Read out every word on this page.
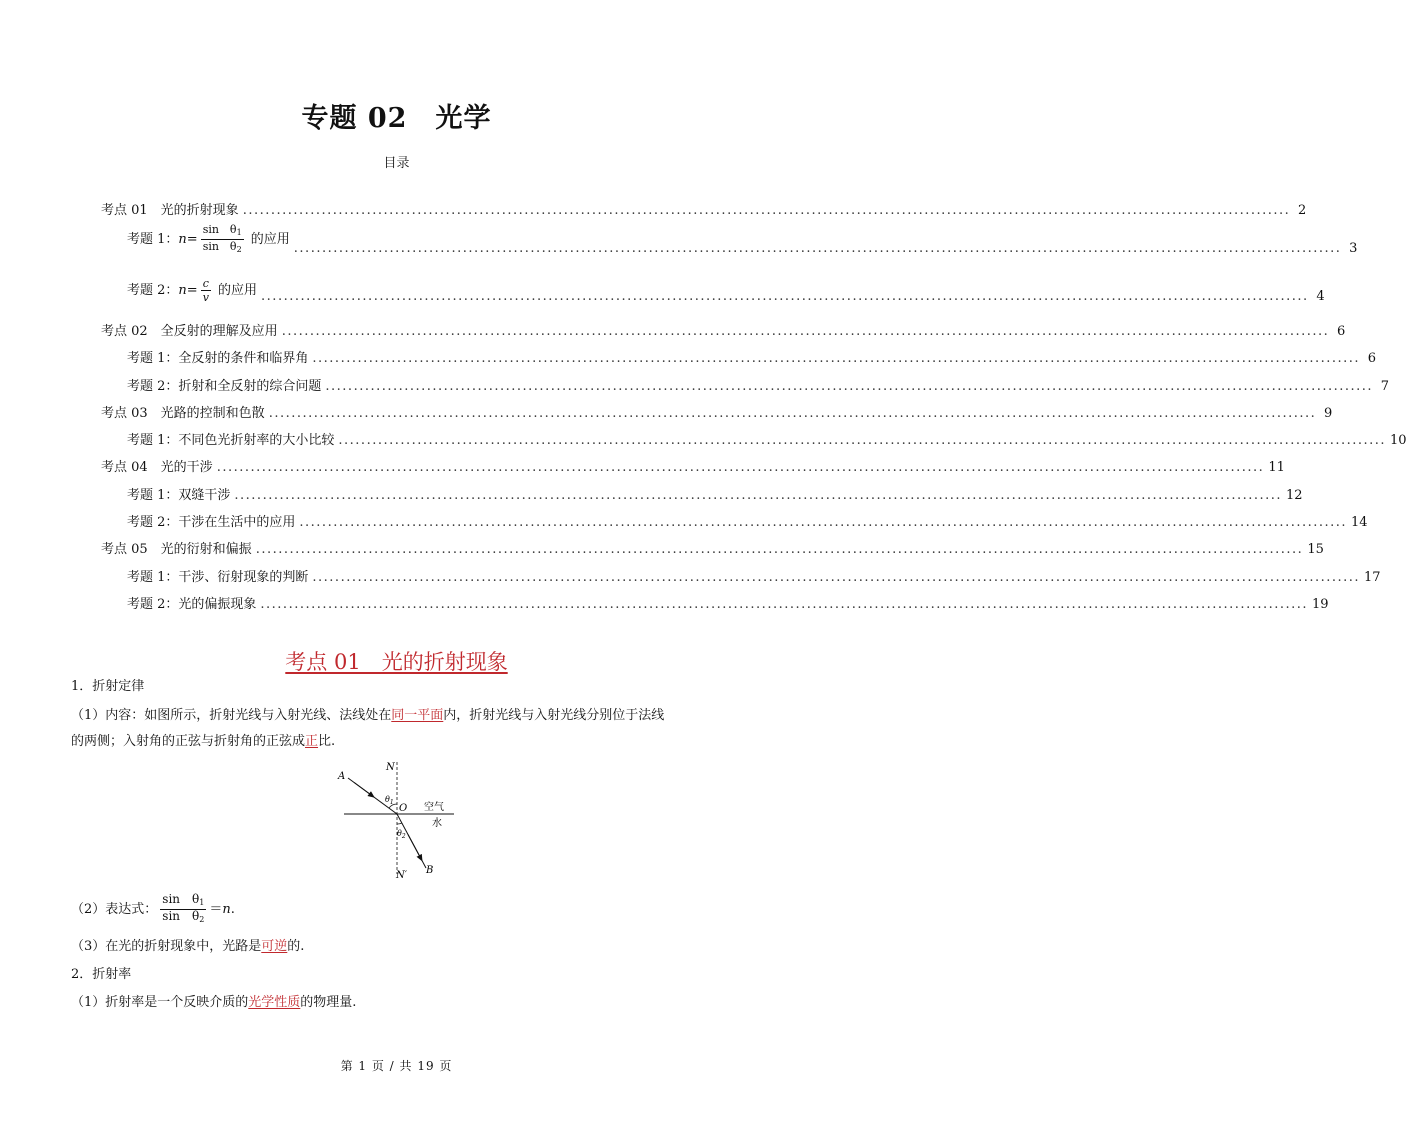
专题 02　光学
目录
考点 01　光的折射现象 .......................................................................................................................................................................................... 2
考题 1：$n= \frac{\sin \theta_1}{\sin \theta_2}$ 的应用
.......................................................................................................................................................................................... 3
考题 2：$n= \frac{c}{v}$ 的应用 .......................................................................................................................................................................................... 4
考点 02　全反射的理解及应用 .......................................................................................................................................................................................... 6
考题 1：全反射的条件和临界角 .......................................................................................................................................................................................... 6
考题 2：折射和全反射的综合问题 .......................................................................................................................................................................................... 7
考点 03　光路的控制和色散 .......................................................................................................................................................................................... 9
考题 1：不同色光折射率的大小比较 .......................................................................................................................................................................................... 10
考点 04　光的干涉 .......................................................................................................................................................................................... 11
考题 1：双缝干涉 .......................................................................................................................................................................................... 12
考题 2：干涉在生活中的应用 .......................................................................................................................................................................................... 14
考点 05　光的衍射和偏振 .......................................................................................................................................................................................... 15
考题 1：干涉、衍射现象的判断 .......................................................................................................................................................................................... 17
考题 2：光的偏振现象 .......................................................................................................................................................................................... 19
考点 01　光的折射现象
1．折射定律
（1）内容：如图所示，折射光线与入射光线、法线处在同一平面内，折射光线与入射光线分别位于法线
的两侧；入射角的正弦与折射角的正弦成正比.
A
N
O
$\theta_1$
$\theta_2$
空气
水
N′ B
（2）表达式： $\frac{\sin \theta_1}{\sin \theta_2} = n$ .
（3）在光的折射现象中，光路是可逆的.
2．折射率
（1）折射率是一个反映介质的光学性质的物理量.
第 1 页 / 共 19 页
